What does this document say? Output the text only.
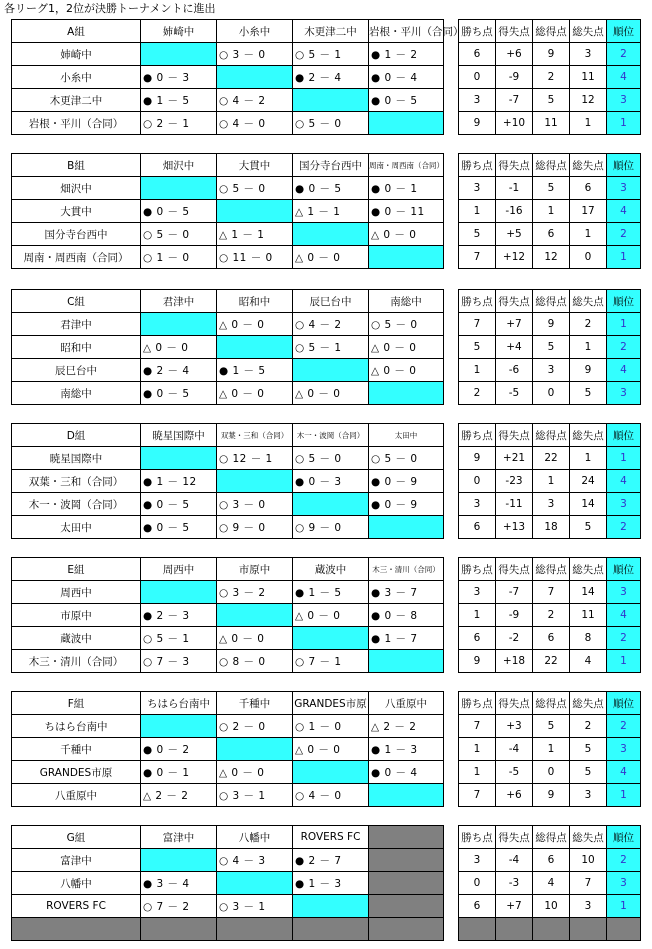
各リーグ1，2位が決勝トーナメントに進出
A組	姉崎中	小糸中	木更津二中	岩根・平川（合同）
姉崎中		○ 3 － 0	○ 5 － 1	● 1 － 2
小糸中	● 0 － 3		● 2 － 4	● 0 － 4
木更津二中	● 1 － 5	○ 4 － 2		● 0 － 5
岩根・平川（合同）	○ 2 － 1	○ 4 － 0	○ 5 － 0	
勝ち点	得失点	総得点	総失点	順位
6	+6	9	3	2
0	-9	2	11	4
3	-7	5	12	3
9	+10	11	1	1
B組	畑沢中	大貫中	国分寺台西中	周南・周西南（合同）
畑沢中		○ 5 － 0	● 0 － 5	● 0 － 1
大貫中	● 0 － 5		△ 1 － 1	● 0 － 11
国分寺台西中	○ 5 － 0	△ 1 － 1		△ 0 － 0
周南・周西南（合同）	○ 1 － 0	○ 11 － 0	△ 0 － 0	
勝ち点	得失点	総得点	総失点	順位
3	-1	5	6	3
1	-16	1	17	4
5	+5	6	1	2
7	+12	12	0	1
C組	君津中	昭和中	辰巳台中	南総中
君津中		△ 0 － 0	○ 4 － 2	○ 5 － 0
昭和中	△ 0 － 0		○ 5 － 1	△ 0 － 0
辰巳台中	● 2 － 4	● 1 － 5		△ 0 － 0
南総中	● 0 － 5	△ 0 － 0	△ 0 － 0	
勝ち点	得失点	総得点	総失点	順位
7	+7	9	2	1
5	+4	5	1	2
1	-6	3	9	4
2	-5	0	5	3
D組	暁星国際中	双葉・三和（合同）	木一・波岡（合同）	太田中
暁星国際中		○ 12 － 1	○ 5 － 0	○ 5 － 0
双葉・三和（合同）	● 1 － 12		● 0 － 3	● 0 － 9
木一・波岡（合同）	● 0 － 5	○ 3 － 0		● 0 － 9
太田中	● 0 － 5	○ 9 － 0	○ 9 － 0	
勝ち点	得失点	総得点	総失点	順位
9	+21	22	1	1
0	-23	1	24	4
3	-11	3	14	3
6	+13	18	5	2
E組	周西中	市原中	蔵波中	木三・清川（合同）
周西中		○ 3 － 2	● 1 － 5	● 3 － 7
市原中	● 2 － 3		△ 0 － 0	● 0 － 8
蔵波中	○ 5 － 1	△ 0 － 0		● 1 － 7
木三・清川（合同）	○ 7 － 3	○ 8 － 0	○ 7 － 1	
勝ち点	得失点	総得点	総失点	順位
3	-7	7	14	3
1	-9	2	11	4
6	-2	6	8	2
9	+18	22	4	1
F組	ちはら台南中	千種中	GRANDES市原	八重原中
ちはら台南中		○ 2 － 0	○ 1 － 0	△ 2 － 2
千種中	● 0 － 2		△ 0 － 0	● 1 － 3
GRANDES市原	● 0 － 1	△ 0 － 0		● 0 － 4
八重原中	△ 2 － 2	○ 3 － 1	○ 4 － 0	
勝ち点	得失点	総得点	総失点	順位
7	+3	5	2	2
1	-4	1	5	3
1	-5	0	5	4
7	+6	9	3	1
G組	富津中	八幡中	ROVERS FC	
富津中		○ 4 － 3	● 2 － 7	
八幡中	● 3 － 4		● 1 － 3	
ROVERS FC	○ 7 － 2	○ 3 － 1		

勝ち点	得失点	総得点	総失点	順位
3	-4	6	10	2
0	-3	4	7	3
6	+7	10	3	1
